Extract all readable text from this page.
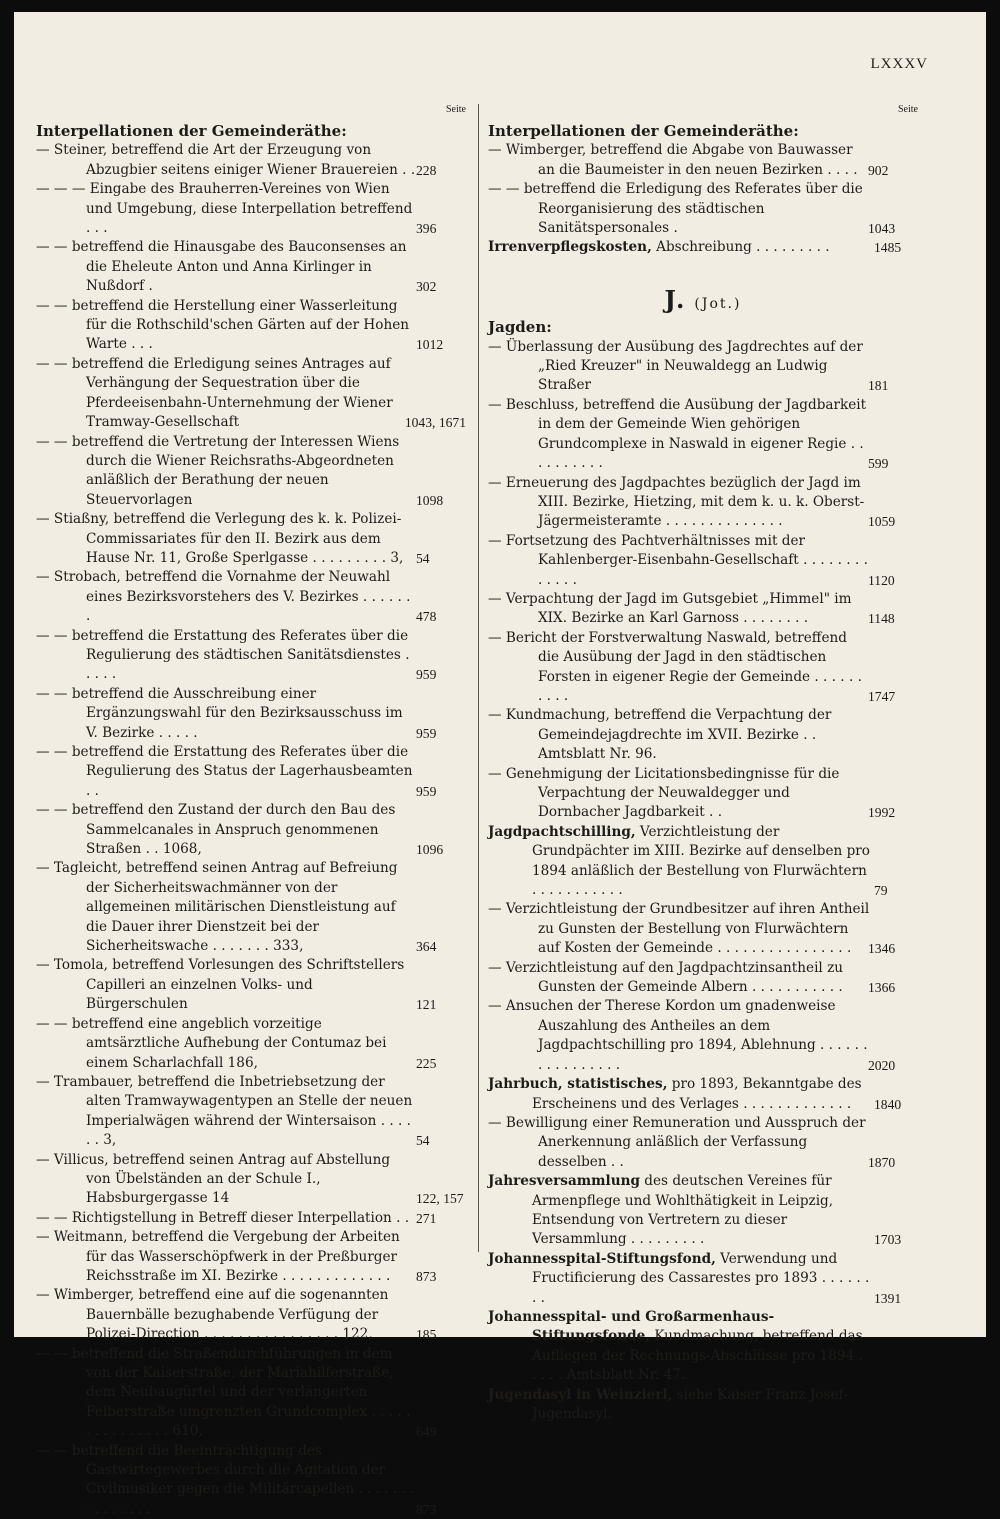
LXXXV
Seite
Interpellationen der Gemeinderäthe:
— Steiner, betreffend die Art der Erzeugung von Abzugbier seitens einiger Wiener Brauereien . . 228
— — — Eingabe des Brauherren-Vereines von Wien und Umgebung, diese Interpellation betreffend . . .	396
— — betreffend die Hinausgabe des Bauconsenses an die Eheleute Anton und Anna Kirlinger in Nußdorf .	302
— — betreffend die Herstellung einer Wasserleitung für die Rothschild'schen Gärten auf der Hohen Warte . . .	1012
— — betreffend die Erledigung seines Antrages auf Verhängung der Sequestration über die Pferdeeisenbahn-Unternehmung der Wiener Tramway-Gesellschaft	1043, 1671
— — betreffend die Vertretung der Interessen Wiens durch die Wiener Reichsraths-Abgeordneten anläßlich der Berathung der neuen Steuervorlagen	1098
— Stiaßny, betreffend die Verlegung des k. k. Polizei-Commissariates für den II. Bezirk aus dem Hause Nr. 11, Große Sperlgasse . . . . . . . . . 3, 54
— Strobach, betreffend die Vornahme der Neuwahl eines Bezirksvorstehers des V. Bezirkes . . . . . . .	478
— — betreffend die Erstattung des Referates über die Regulierung des städtischen Sanitätsdienstes . . . . .	959
— — betreffend die Ausschreibung einer Ergänzungswahl für den Bezirksausschuss im V. Bezirke . . . . .	959
— — betreffend die Erstattung des Referates über die Regulierung des Status der Lagerhausbeamten . .	959
— — betreffend den Zustand der durch den Bau des Sammelcanales in Anspruch genommenen Straßen . . 1068,	1096
— Tagleicht, betreffend seinen Antrag auf Befreiung der Sicherheitswachmänner von der allgemeinen militärischen Dienstleistung auf die Dauer ihrer Dienstzeit bei der Sicherheitswache . . . . . . . 333,	364
— Tomola, betreffend Vorlesungen des Schriftstellers Capilleri an einzelnen Volks- und Bürgerschulen	121
— — betreffend eine angeblich vorzeitige amtsärztliche Aufhebung der Contumaz bei einem Scharlachfall 186,	225
— Trambauer, betreffend die Inbetriebsetzung der alten Tramwaywagentypen an Stelle der neuen Imperialwägen während der Wintersaison . . . . . . 3,	54
— Villicus, betreffend seinen Antrag auf Abstellung von Übelständen an der Schule I., Habsburgergasse 14	122, 157
— — Richtigstellung in Betreff dieser Interpellation . . 271
— Weitmann, betreffend die Vergebung der Arbeiten für das Wasserschöpfwerk in der Preßburger Reichsstraße im XI. Bezirke . . . . . . . . . . . . .	873
— Wimberger, betreffend eine auf die sogenannten Bauernbälle bezughabende Verfügung der Polizei-Direction . . . . . . . . . . . . . . . . 122,	185
— — betreffend die Straßendurchführungen in dem von der Kaiserstraße, der Mariahilferstraße, dem Neubaugürtel und der verlängerten Felberstraße umgrenzten Grundcomplex . . . . . . . . . . . . . . . 610,	649
— — betreffend die Beeinträchtigung des Gastwirtegewerbes durch die Agitation der Civilmusiker gegen die Militärcapellen . . . . . . . . . . . . . . .	873
Seite
Interpellationen der Gemeinderäthe:
— Wimberger, betreffend die Abgabe von Bauwasser an die Baumeister in den neuen Bezirken . . . . 902
— — betreffend die Erledigung des Referates über die Reorganisierung des städtischen Sanitätspersonales .	1043
Irrenverpflegskosten, Abschreibung . . . . . . . . .	1485
J. (Jot.)
Jagden:
— Überlassung der Ausübung des Jagdrechtes auf der „Ried Kreuzer" in Neuwaldegg an Ludwig Straßer	181
— Beschluss, betreffend die Ausübung der Jagdbarkeit in dem der Gemeinde Wien gehörigen Grundcomplexe in Naswald in eigener Regie . . . . . . . . . .	599
— Erneuerung des Jagdpachtes bezüglich der Jagd im XIII. Bezirke, Hietzing, mit dem k. u. k. Oberst-Jägermeisteramte . . . . . . . . . . . . . .	1059
— Fortsetzung des Pachtverhältnisses mit der Kahlenberger-Eisenbahn-Gesellschaft . . . . . . . . . . . . .	1120
— Verpachtung der Jagd im Gutsgebiet „Himmel" im XIX. Bezirke an Karl Garnoss . . . . . . . .	1148
— Bericht der Forstverwaltung Naswald, betreffend die Ausübung der Jagd in den städtischen Forsten in eigener Regie der Gemeinde . . . . . . . . . .	1747
— Kundmachung, betreffend die Verpachtung der Gemeindejagdrechte im XVII. Bezirke . . Amtsblatt Nr. 96.
— Genehmigung der Licitationsbedingnisse für die Verpachtung der Neuwaldegger und Dornbacher Jagdbarkeit . .	1992
Jagdpachtschilling, Verzichtleistung der Grundpächter im XIII. Bezirke auf denselben pro 1894 anläßlich der Bestellung von Flurwächtern . . . . . . . . . . .	79
— Verzichtleistung der Grundbesitzer auf ihren Antheil zu Gunsten der Bestellung von Flurwächtern auf Kosten der Gemeinde . . . . . . . . . . . . . . . .	1346
— Verzichtleistung auf den Jagdpachtzinsantheil zu Gunsten der Gemeinde Albern . . . . . . . . . . .	1366
— Ansuchen der Therese Kordon um gnadenweise Auszahlung des Antheiles an dem Jagdpachtschilling pro 1894, Ablehnung . . . . . . . . . . . . . . . .	2020
Jahrbuch, statistisches, pro 1893, Bekanntgabe des Erscheinens und des Verlages . . . . . . . . . . . . .	1840
— Bewilligung einer Remuneration und Ausspruch der Anerkennung anläßlich der Verfassung desselben . .	1870
Jahresversammlung des deutschen Vereines für Armenpflege und Wohlthätigkeit in Leipzig, Entsendung von Vertretern zu dieser Versammlung . . . . . . . . .	1703
Johannesspital-Stiftungsfond, Verwendung und Fructificierung des Cassarestes pro 1893 . . . . . . . .	1391
Johannesspital- und Großarmenhaus-Stiftungsfonde, Kundmachung, betreffend das Aufliegen der Rechnungs-Abschlüsse pro 1894 . . . . . Amtsblatt Nr. 47.
Jugendasyl in Weinzierl, siehe Kaiser Franz Josef-Jugendasyl.
